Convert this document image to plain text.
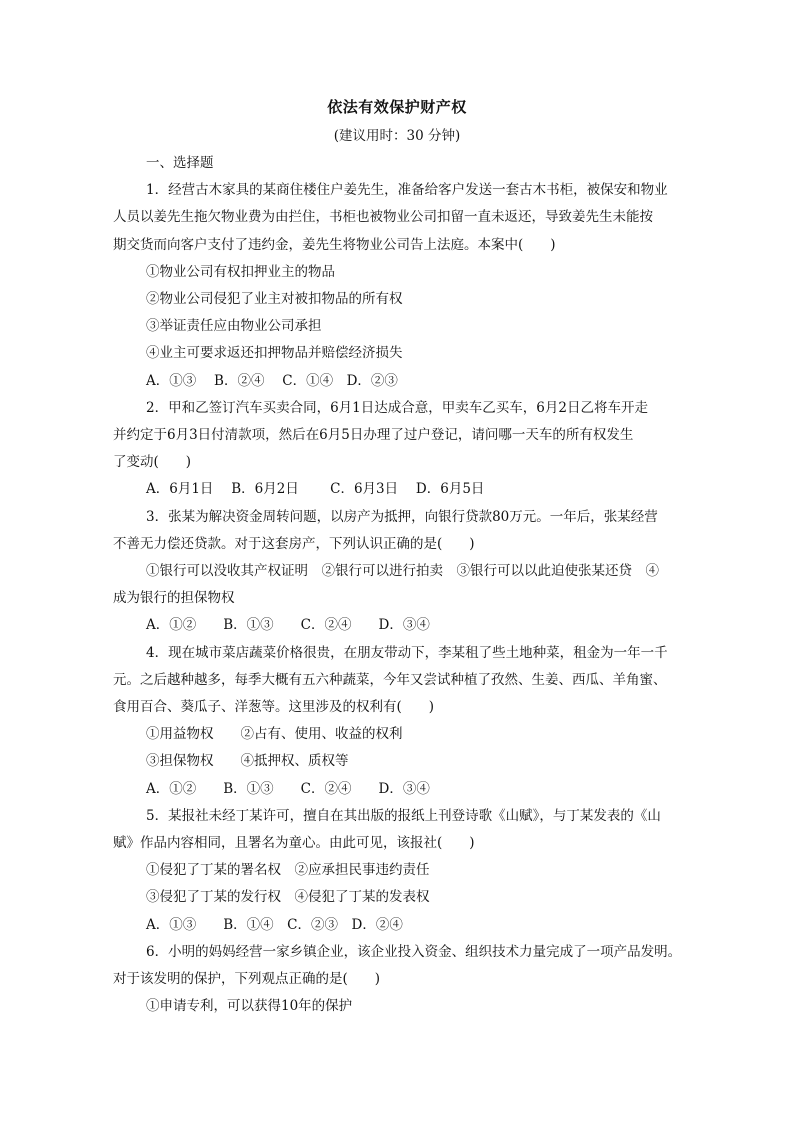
依法有效保护财产权
(建议用时：30 分钟)
一、选择题
1．经营古木家具的某商住楼住户姜先生，准备给客户发送一套古木书柜，被保安和物业
人员以姜先生拖欠物业费为由拦住，书柜也被物业公司扣留一直未返还，导致姜先生未能按
期交货而向客户支付了违约金，姜先生将物业公司告上法庭。本案中(　　)
①物业公司有权扣押业主的物品
②物业公司侵犯了业主对被扣物品的所有权
③举证责任应由物业公司承担
④业主可要求返还扣押物品并赔偿经济损失
A．①③　 B．②④　 C．①④　D．②③
2．甲和乙签订汽车买卖合同，6月1日达成合意，甲卖车乙买车，6月2日乙将车开走
并约定于6月3日付清款项，然后在6月5日办理了过户登记，请问哪一天车的所有权发生
了变动(　　)
A．6月1日　 B．6月2日　　 C．6月3日　 D．6月5日
3．张某为解决资金周转问题，以房产为抵押，向银行贷款80万元。一年后，张某经营
不善无力偿还贷款。对于这套房产，下列认识正确的是(　　)
①银行可以没收其产权证明　②银行可以进行拍卖　③银行可以以此迫使张某还贷　④
成为银行的担保物权
A．①②　　B．①③　　C．②④　　D．③④
4．现在城市菜店蔬菜价格很贵，在朋友带动下，李某租了些土地种菜，租金为一年一千
元。之后越种越多，每季大概有五六种蔬菜，今年又尝试种植了孜然、生姜、西瓜、羊角蜜、
食用百合、葵瓜子、洋葱等。这里涉及的权利有(　　)
①用益物权　　②占有、使用、收益的权利
③担保物权　　④抵押权、质权等
A．①②　　B．①③　　C．②④　　D．③④
5．某报社未经丁某许可，擅自在其出版的报纸上刊登诗歌《山赋》，与丁某发表的《山
赋》作品内容相同，且署名为童心。由此可见，该报社(　　)
①侵犯了丁某的署名权　②应承担民事违约责任
③侵犯了丁某的发行权　④侵犯了丁某的发表权
A．①③　　B．①④　C．②③　D．②④
6．小明的妈妈经营一家乡镇企业，该企业投入资金、组织技术力量完成了一项产品发明。
对于该发明的保护，下列观点正确的是(　　)
①申请专利，可以获得10年的保护
